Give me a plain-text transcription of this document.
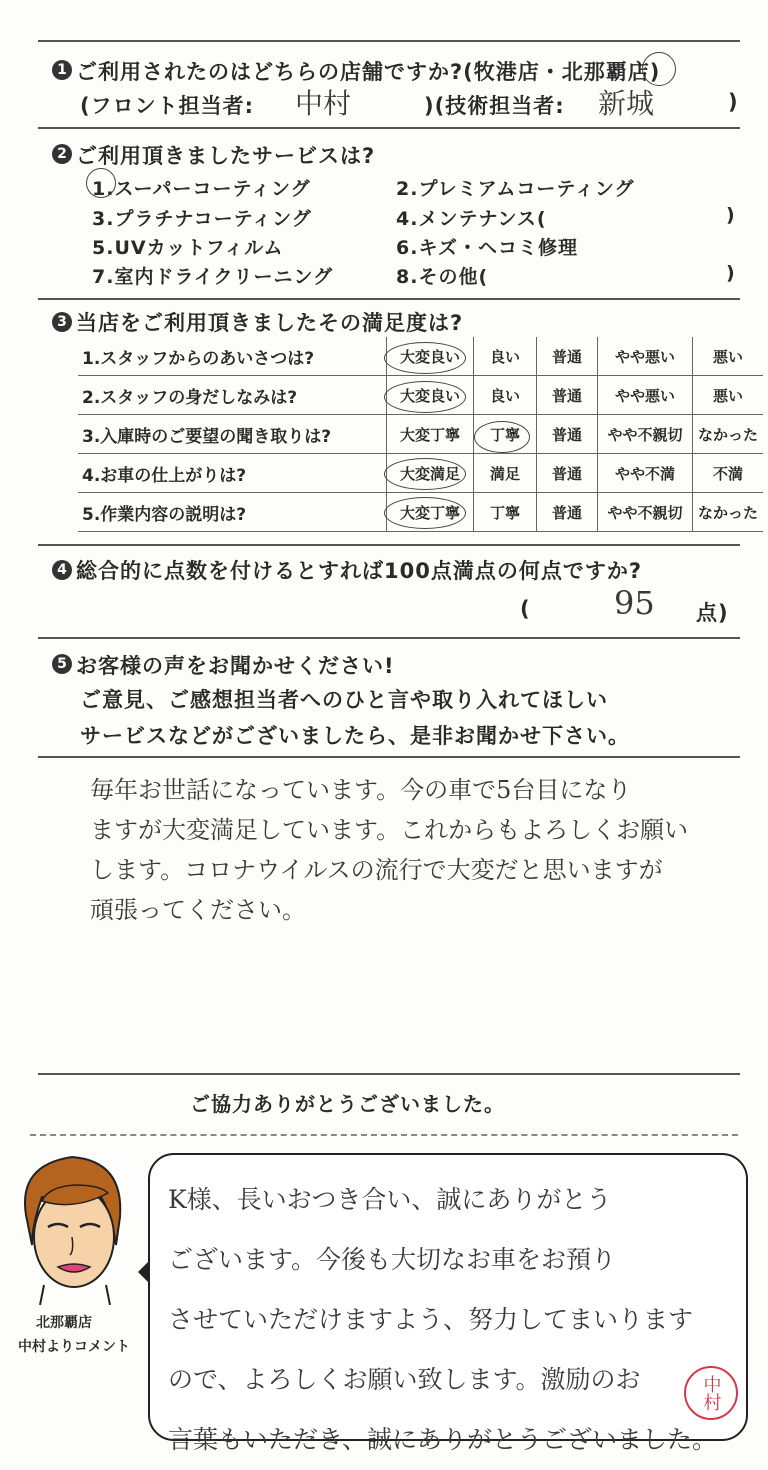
1 ご利用されたのはどちらの店舗ですか?(牧港店・北那覇店)
(フロント担当者: 中村	)(技術担当者: 新城	)
2 ご利用頂きましたサービスは?
1.スーパーコーティング	2.プレミアムコーティング
3.プラチナコーティング	4.メンテナンス(	)
5.UVカットフィルム	6.キズ・ヘコミ修理
7.室内ドライクリーニング	8.その他(	)
3 当店をご利用頂きましたその満足度は?
1.スタッフからのあいさつは?	大変良い	良い	普通	やや悪い	悪い
2.スタッフの身だしなみは?	大変良い	良い	普通	やや悪い	悪い
3.入庫時のご要望の聞き取りは?	大変丁寧	丁寧	普通	やや不親切	なかった
4.お車の仕上がりは?	大変満足	満足	普通	やや不満	不満
5.作業内容の説明は?	大変丁寧	丁寧	普通	やや不親切	なかった
4 総合的に点数を付けるとすれば100点満点の何点ですか?
(	95 点)
5 お客様の声をお聞かせください!
ご意見、ご感想担当者へのひと言や取り入れてほしい
サービスなどがございましたら、是非お聞かせ下さい。
毎年お世話になっています。今の車で5台目になり
ますが大変満足しています。これからもよろしくお願い
します。コロナウイルスの流行で大変だと思いますが
頑張ってください。
ご協力ありがとうございました。
北那覇店
中村よりコメント
K様、長いおつき合い、誠にありがとう
ございます。今後も大切なお車をお預り
させていただけますよう、努力してまいります
ので、よろしくお願い致します。激励のお
言葉もいただき、誠にありがとうございました。
中村
